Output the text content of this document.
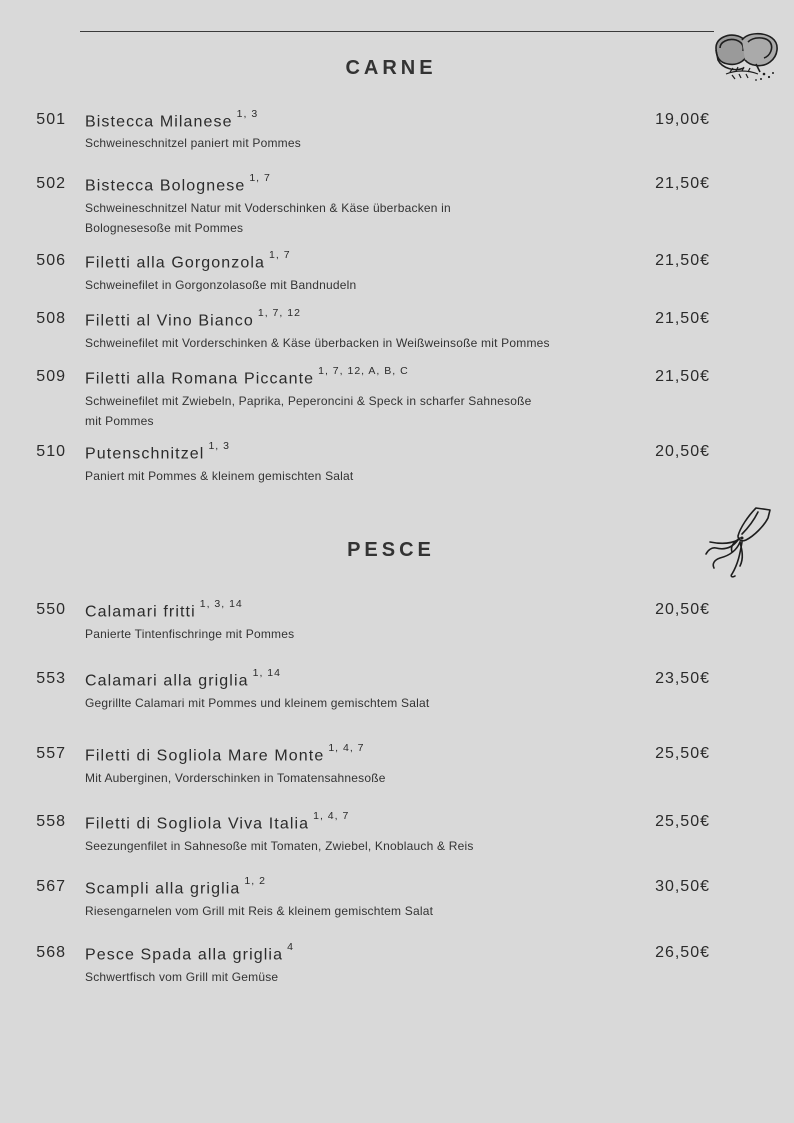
CARNE
501 Bistecca Milanese $^{1, 3}$	19,00€
Schweineschnitzel paniert mit Pommes
502 Bistecca Bolognese $^{1, 7}$	21,50€
Schweineschnitzel Natur mit Voderschinken & Käse überbacken in Bolognesesoße mit Pommes
506 Filetti alla Gorgonzola $^{1, 7}$	21,50€
Schweinefilet in Gorgonzolasoße mit Bandnudeln
508 Filetti al Vino Bianco $^{1, 7, 12}$	21,50€
Schweinefilet mit Vorderschinken & Käse überbacken in Weißweinsoße mit Pommes
509 Filetti alla Romana Piccante $^{1, 7, 12, A, B, C}$	21,50€
Schweinefilet mit Zwiebeln, Paprika, Peperoncini & Speck in scharfer Sahnesoße mit Pommes
510 Putenschnitzel $^{1, 3}$	20,50€
Paniert mit Pommes & kleinem gemischten Salat
PESCE
550 Calamari fritti $^{1, 3, 14}$	20,50€
Panierte Tintenfischringe mit Pommes
553 Calamari alla griglia $^{1, 14}$	23,50€
Gegrillte Calamari mit Pommes und kleinem gemischtem Salat
557 Filetti di Sogliola Mare Monte $^{1, 4, 7}$	25,50€
Mit Auberginen, Vorderschinken in Tomatensahnesoße
558 Filetti di Sogliola Viva Italia $^{1, 4, 7}$	25,50€
Seezungenfilet in Sahnesoße mit Tomaten, Zwiebel, Knoblauch & Reis
567 Scampli alla griglia $^{1, 2}$	30,50€
Riesengarnelen vom Grill mit Reis & kleinem gemischtem Salat
568 Pesce Spada alla griglia $^4$	26,50€
Schwertfisch vom Grill mit Gemüse
